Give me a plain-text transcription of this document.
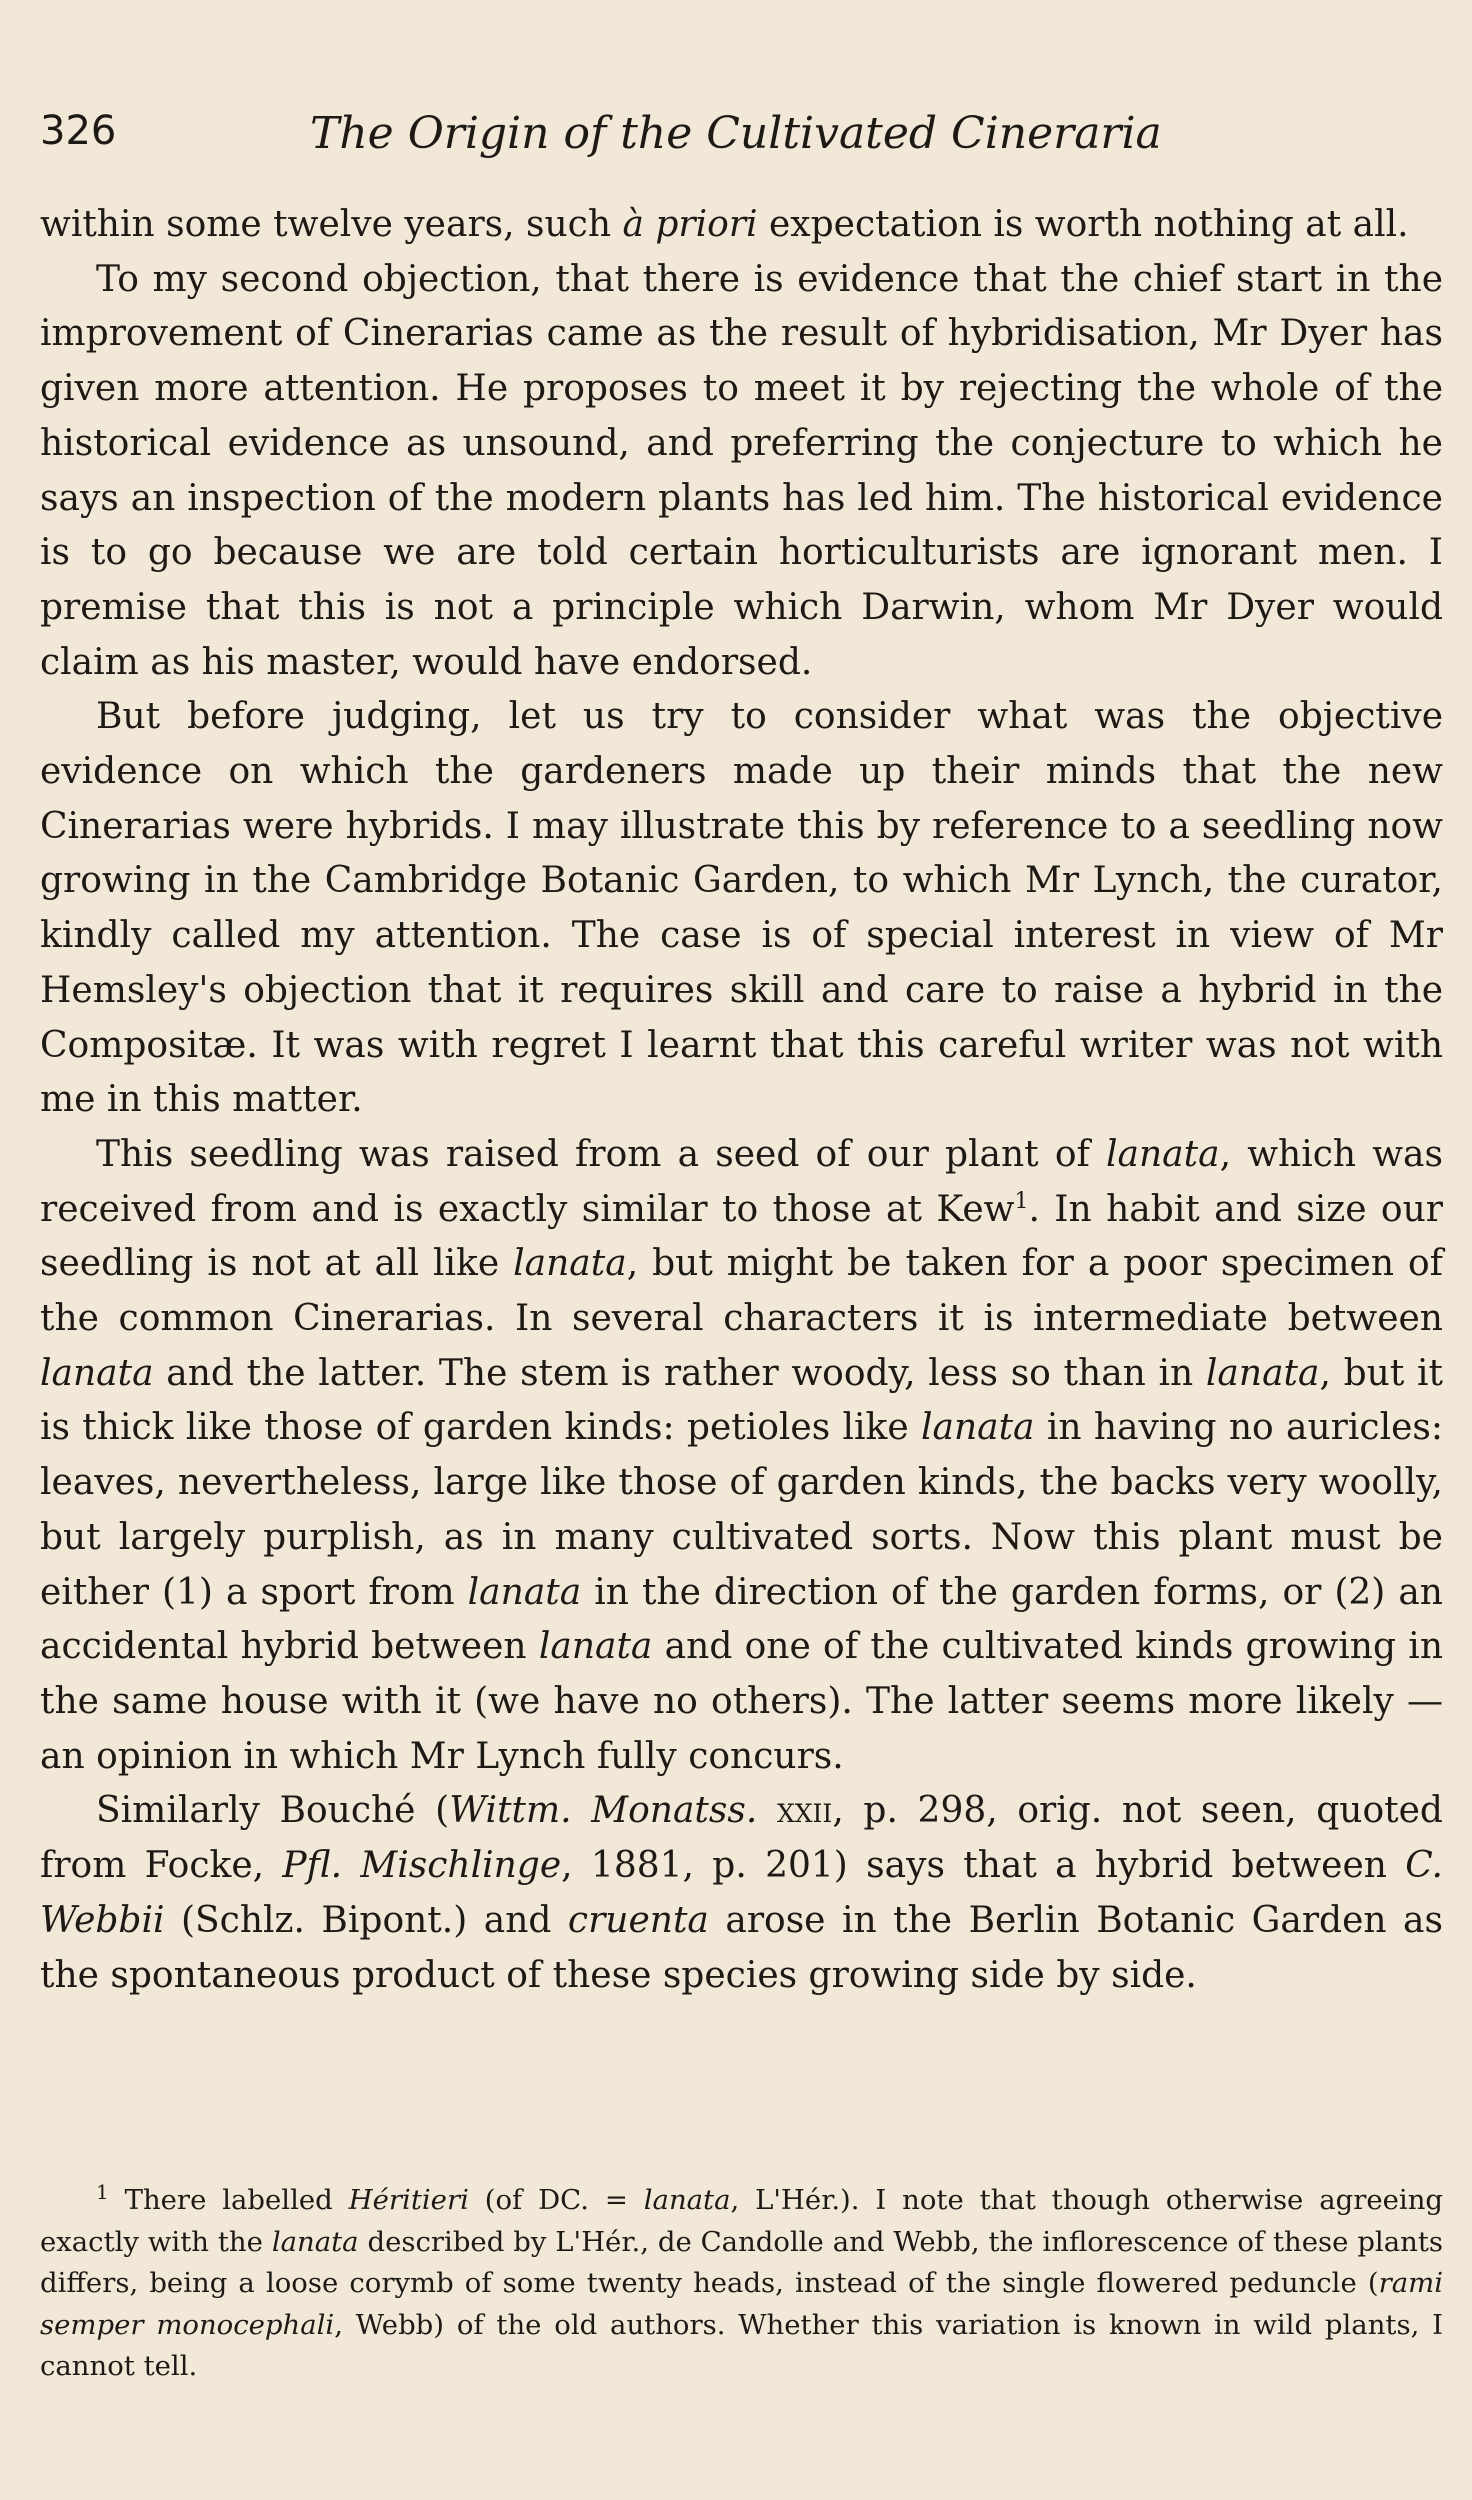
326	The Origin of the Cultivated Cineraria

within some twelve years, such à priori expectation is worth nothing at all.

To my second objection, that there is evidence that the chief start in the improvement of Cinerarias came as the result of hybridisation, Mr Dyer has given more attention. He proposes to meet it by rejecting the whole of the historical evidence as unsound, and preferring the conjecture to which he says an inspection of the modern plants has led him. The historical evidence is to go because we are told certain horticulturists are ignorant men. I premise that this is not a principle which Darwin, whom Mr Dyer would claim as his master, would have endorsed.

But before judging, let us try to consider what was the objective evidence on which the gardeners made up their minds that the new Cinerarias were hybrids. I may illustrate this by reference to a seedling now growing in the Cambridge Botanic Garden, to which Mr Lynch, the curator, kindly called my attention. The case is of special interest in view of Mr Hemsley's objection that it requires skill and care to raise a hybrid in the Compositæ. It was with regret I learnt that this careful writer was not with me in this matter.

This seedling was raised from a seed of our plant of lanata, which was received from and is exactly similar to those at Kew$^1$. In habit and size our seedling is not at all like lanata, but might be taken for a poor specimen of the common Cinerarias. In several characters it is intermediate between lanata and the latter. The stem is rather woody, less so than in lanata, but it is thick like those of garden kinds: petioles like lanata in having no auricles: leaves, nevertheless, large like those of garden kinds, the backs very woolly, but largely purplish, as in many cultivated sorts. Now this plant must be either (1) a sport from lanata in the direction of the garden forms, or (2) an accidental hybrid between lanata and one of the cultivated kinds growing in the same house with it (we have no others). The latter seems more likely —an opinion in which Mr Lynch fully concurs.

Similarly Bouché (Wittm. Monatss. xxii, p. 298, orig. not seen, quoted from Focke, Pfl. Mischlinge, 1881, p. 201) says that a hybrid between C. Webbii (Schlz. Bipont.) and cruenta arose in the Berlin Botanic Garden as the spontaneous product of these species growing side by side.

$^1$ There labelled Héritieri (of DC. = lanata, L'Hér.). I note that though otherwise agreeing exactly with the lanata described by L'Hér., de Candolle and Webb, the inflorescence of these plants differs, being a loose corymb of some twenty heads, instead of the single flowered peduncle (rami semper monocephali, Webb) of the old authors. Whether this variation is known in wild plants, I cannot tell.
